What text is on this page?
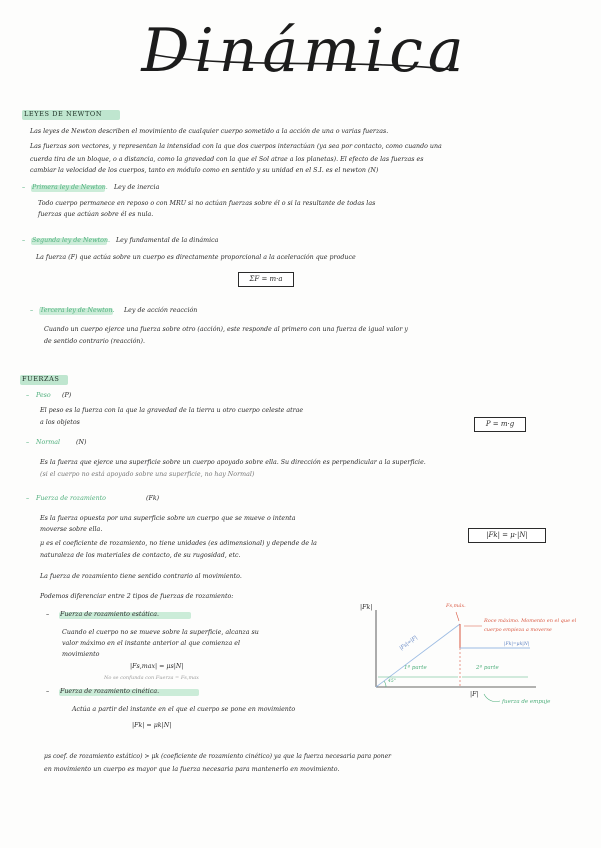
Dinámica
LEYES DE NEWTON
Las leyes de Newton describen el movimiento de cualquier cuerpo sometido a la acción de una o varias fuerzas.
Las fuerzas son vectores, y representan la intensidad con la que dos cuerpos interactúan (ya sea por contacto, como cuando una
cuerda tira de un bloque, o a distancia, como la gravedad con la que el Sol atrae a los planetas). El efecto de las fuerzas es
cambiar la velocidad de los cuerpos, tanto en módulo como en sentido y su unidad en el S.I. es el newton (N)
– Primera ley de Newton. Ley de inercia
Todo cuerpo permanece en reposo o con MRU si no actúan fuerzas sobre él o si la resultante de todas las
fuerzas que actúan sobre él es nula.
– Segunda ley de Newton. Ley fundamental de la dinámica
La fuerza (F) que actúa sobre un cuerpo es directamente proporcional a la aceleración que produce
ΣF = m·a
– Tercera ley de Newton. Ley de acción reacción
Cuando un cuerpo ejerce una fuerza sobre otro (acción), este responde al primero con una fuerza de igual valor y
de sentido contrario (reacción).
FUERZAS
– Peso (P)
El peso es la fuerza con la que la gravedad de la tierra u otro cuerpo celeste atrae
a los objetos	P = m·g
– Normal	(N)
Es la fuerza que ejerce una superficie sobre un cuerpo apoyado sobre ella. Su dirección es perpendicular a la superficie.
(si el cuerpo no está apoyado sobre una superficie, no hay Normal)
– Fuerza de rozamiento	(Fk)
Es la fuerza opuesta por una superficie sobre un cuerpo que se mueve o intenta
moverse sobre ella.
|Fk| = μ·|N|
μ es el coeficiente de rozamiento, no tiene unidades (es adimensional) y depende de la
naturaleza de los materiales de contacto, de su rugosidad, etc.
La fuerza de rozamiento tiene sentido contrario al movimiento.
Podemos diferenciar entre 2 tipos de fuerzas de rozamiento:
– Fuerza de rozamiento estática.
Cuando el cuerpo no se mueve sobre la superficie, alcanza su
valor máximo en el instante anterior al que comienza el
movimiento
|Fs,max| = μs|N|
No se confunda con Fuerza = Fs,max
– Fuerza de rozamiento cinética.
Actúa a partir del instante en el que el cuerpo se pone en movimiento
|Fk| = μk|N|
μs coef. de rozamiento estático) > μk (coeficiente de rozamiento cinético) ya que la fuerza necesaria para poner
en movimiento un cuerpo es mayor que la fuerza necesaria para mantenerlo en movimiento.
|Fk|
|F|
Fs,máx.
Roce máximo. Momento en el que el
cuerpo empieza a moverse
|Fs|=|F|	|Fk|=μk|N|
1ª parte	2ª parte
45°
fuerza de empuje
